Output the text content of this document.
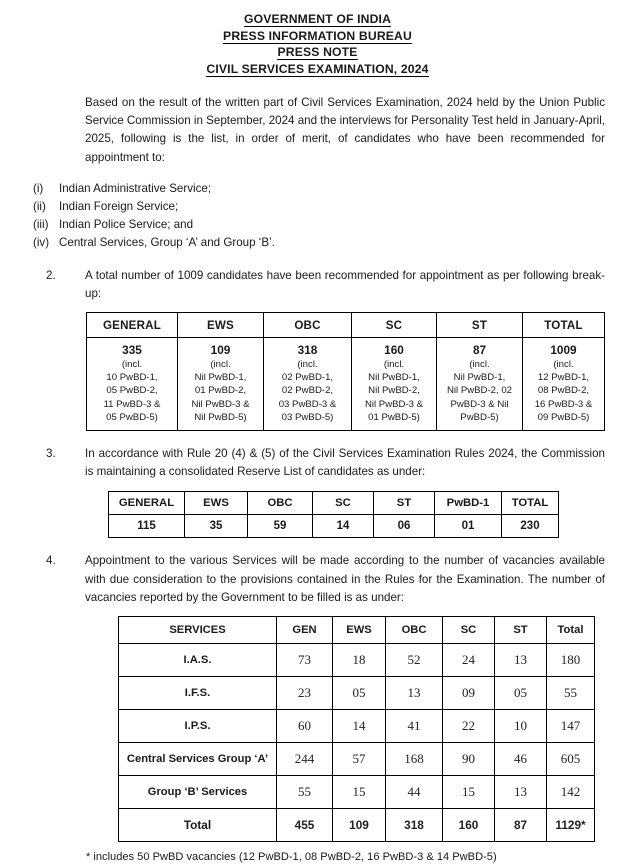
GOVERNMENT OF INDIA

PRESS INFORMATION BUREAU

PRESS NOTE

CIVIL SERVICES EXAMINATION, 2024

Based on the result of the written part of Civil Services Examination, 2024 held by the Union Public Service Commission in September, 2024 and the interviews for Personality Test held in January-April, 2025, following is the list, in order of merit, of candidates who have been recommended for appointment to:
(i)	Indian Administrative Service;
(ii)	Indian Foreign Service;
(iii) Indian Police Service; and
(iv) Central Services, Group ‘A’ and Group ‘B’.
2.	A total number of 1009 candidates have been recommended for appointment as per following break-up:
GENERAL	EWS	OBC	SC	ST	TOTAL

335
(incl.
10 PwBD-1,
05 PwBD-2,
11 PwBD-3 &
05 PwBD-5)

109
(incl.
Nil PwBD-1,
01 PwBD-2,
Nil PwBD-3 &
Nil PwBD-5)

318
(incl.
02 PwBD-1,
02 PwBD-2,
03 PwBD-3 &
03 PwBD-5)

160
(incl.
Nil PwBD-1,
Nil PwBD-2,
Nil PwBD-3 &
01 PwBD-5)

87
(incl.
Nil PwBD-1,
Nil PwBD-2, 02
PwBD-3 & Nil
PwBD-5)

1009
(incl.
12 PwBD-1,
08 PwBD-2,
16 PwBD-3 &
09 PwBD-5)
3.	In accordance with Rule 20 (4) & (5) of the Civil Services Examination Rules 2024, the Commission is maintaining a consolidated Reserve List of candidates as under:
GENERAL	EWS	OBC	SC	ST	PwBD-1	TOTAL
115	35	59	14	06	01	230
4.	Appointment to the various Services will be made according to the number of vacancies available with due consideration to the provisions contained in the Rules for the Examination. The number of vacancies reported by the Government to be filled is as under:
SERVICES	GEN	EWS	OBC	SC	ST	Total
I.A.S.	73	18	52	24	13	180
I.F.S.	23	05	13	09	05	55
I.P.S.	60	14	41	22	10	147
Central Services Group ‘A’	244	57	168	90	46	605
Group ‘B’ Services	55	15	44	15	13	142
Total	455	109	318	160	87	1129*
* includes 50 PwBD vacancies (12 PwBD-1, 08 PwBD-2, 16 PwBD-3 & 14 PwBD-5)
